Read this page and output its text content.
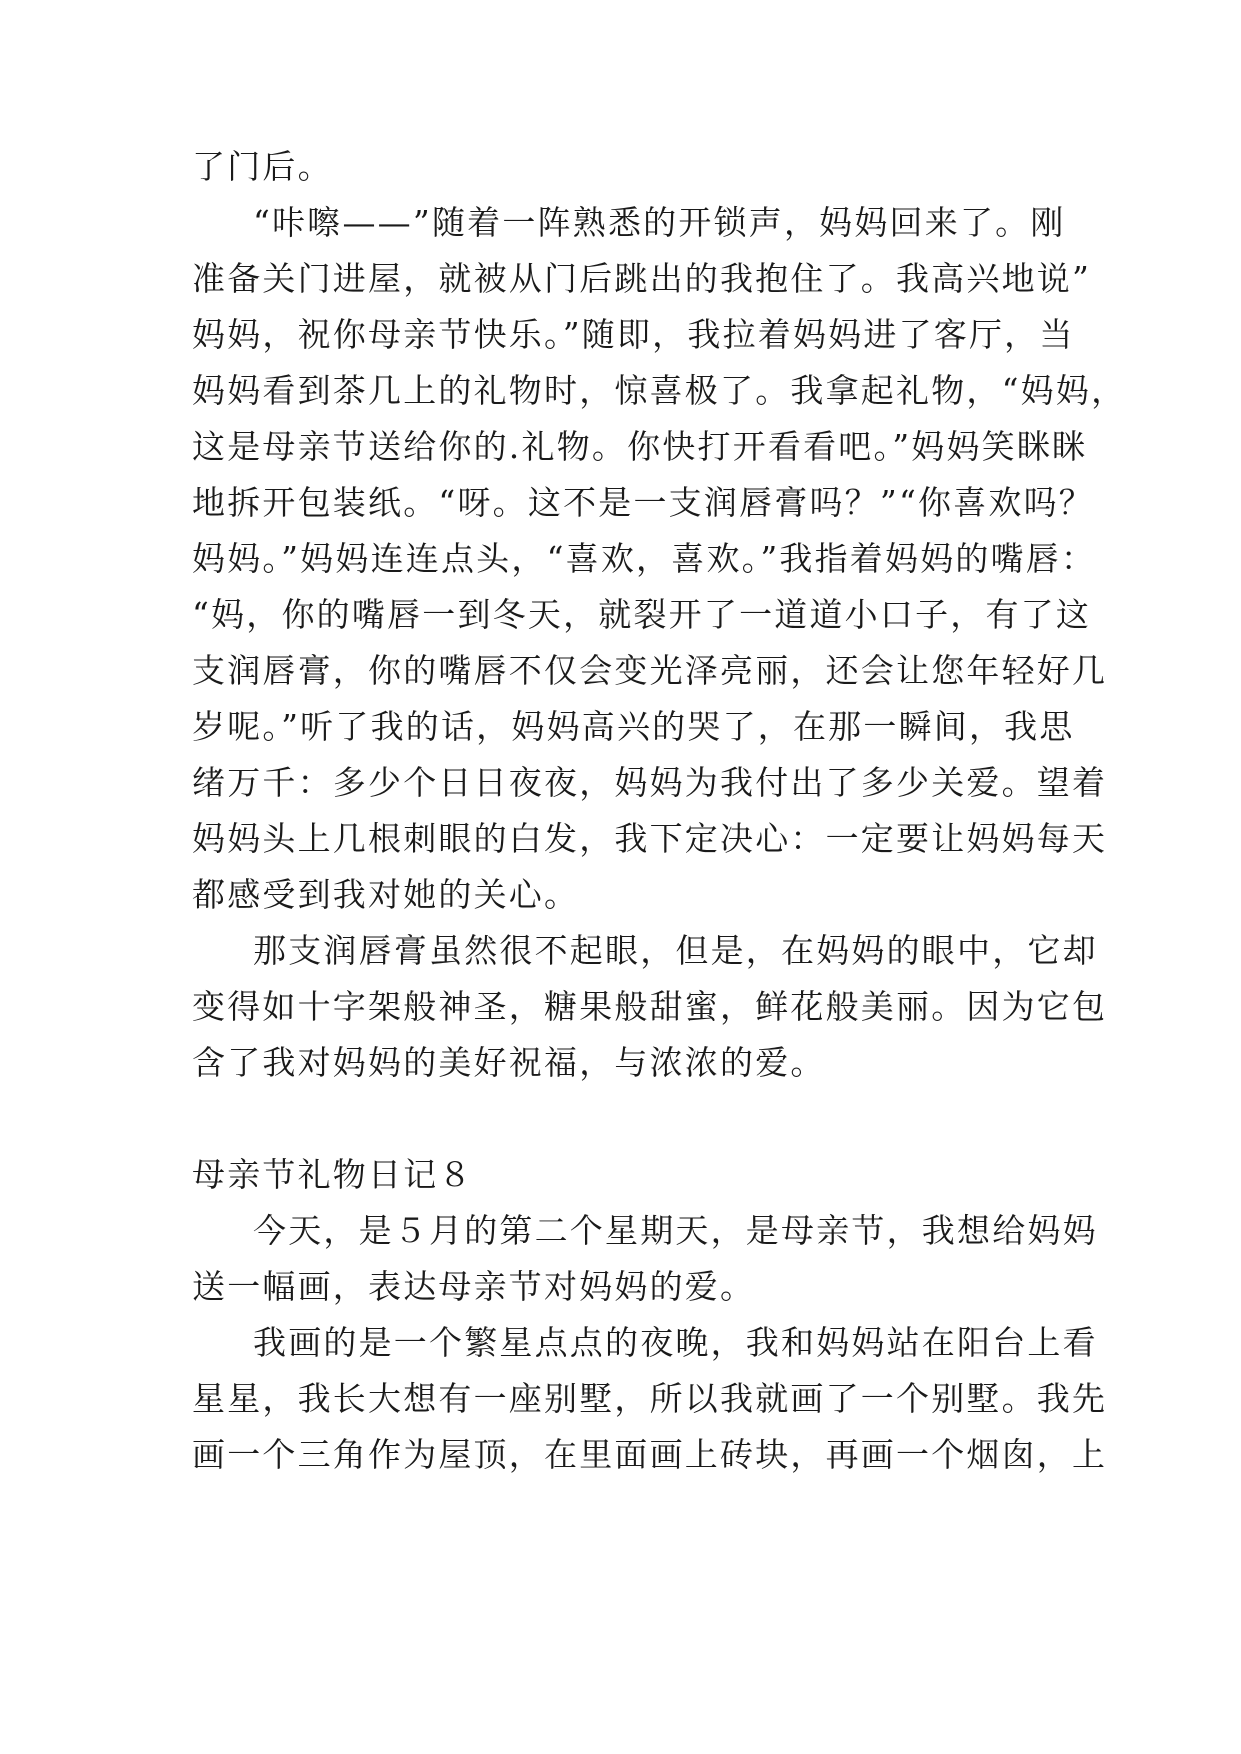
了门后。
“咔嚓——”随着一阵熟悉的开锁声，妈妈回来了。刚
准备关门进屋，就被从门后跳出的我抱住了。我高兴地说”
妈妈，祝你母亲节快乐。”随即，我拉着妈妈进了客厅，当
妈妈看到茶几上的礼物时，惊喜极了。我拿起礼物，“妈妈，
这是母亲节送给你的.礼物。你快打开看看吧。”妈妈笑眯眯
地拆开包装纸。“呀。这不是一支润唇膏吗？”“你喜欢吗？
妈妈。”妈妈连连点头，“喜欢，喜欢。”我指着妈妈的嘴唇：
“妈，你的嘴唇一到冬天，就裂开了一道道小口子，有了这
支润唇膏，你的嘴唇不仅会变光泽亮丽，还会让您年轻好几
岁呢。”听了我的话，妈妈高兴的哭了，在那一瞬间，我思
绪万千：多少个日日夜夜，妈妈为我付出了多少关爱。望着
妈妈头上几根刺眼的白发，我下定决心：一定要让妈妈每天
都感受到我对她的关心。
那支润唇膏虽然很不起眼，但是，在妈妈的眼中，它却
变得如十字架般神圣，糖果般甜蜜，鲜花般美丽。因为它包
含了我对妈妈的美好祝福，与浓浓的爱。
母亲节礼物日记８
今天，是５月的第二个星期天，是母亲节，我想给妈妈
送一幅画，表达母亲节对妈妈的爱。
我画的是一个繁星点点的夜晚，我和妈妈站在阳台上看
星星，我长大想有一座别墅，所以我就画了一个别墅。我先
画一个三角作为屋顶，在里面画上砖块，再画一个烟囱，上
